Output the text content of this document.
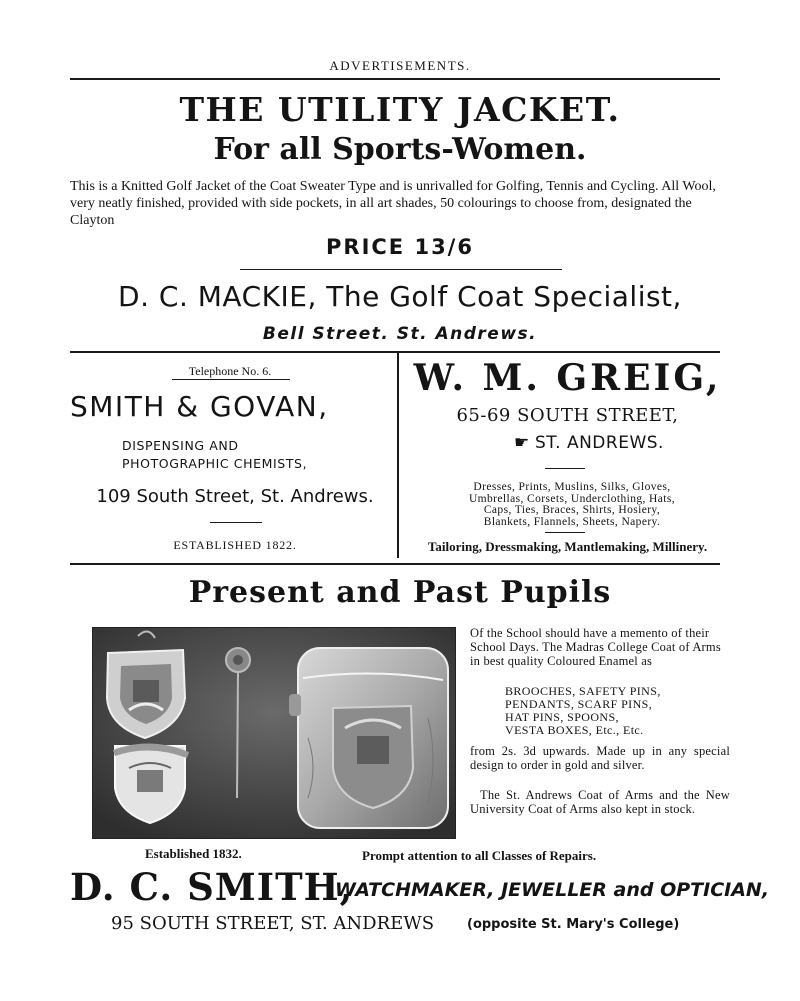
ADVERTISEMENTS.
THE UTILITY JACKET.
For all Sports-Women.
This is a Knitted Golf Jacket of the Coat Sweater Type and is unrivalled for Golfing, Tennis and Cycling. All Wool, very neatly finished, provided with side pockets, in all art shades, 50 colourings to choose from, designated the Clayton
PRICE 13/6
D. C. MACKIE, The Golf Coat Specialist,
Bell Street. St. Andrews.
Telephone No. 6.
SMITH & GOVAN,
DISPENSING AND
PHOTOGRAPHIC CHEMISTS,
109 South Street, St. Andrews.
ESTABLISHED 1822.
W. M. GREIG,
65-69 SOUTH STREET,
☛ ST. ANDREWS.
Dresses, Prints, Muslins, Silks, Gloves,
Umbrellas, Corsets, Underclothing, Hats,
Caps, Ties, Braces, Shirts, Hosiery,
Blankets, Flannels, Sheets, Napery.
Tailoring, Dressmaking, Mantlemaking, Millinery.
Present and Past Pupils
Of the School should have a memento of their School Days. The Madras College Coat of Arms in best quality Coloured Enamel as
BROOCHES, SAFETY PINS,
PENDANTS, SCARF PINS,
HAT PINS, SPOONS,
VESTA BOXES, Etc., Etc.
from 2s. 3d upwards. Made up in any special design to order in gold and silver.
The St. Andrews Coat of Arms and the New University Coat of Arms also kept in stock.
Established 1832.	Prompt attention to all Classes of Repairs.
D. C. SMITH,
WATCHMAKER, JEWELLER and OPTICIAN,
95 SOUTH STREET, ST. ANDREWS	(opposite St. Mary's College)
